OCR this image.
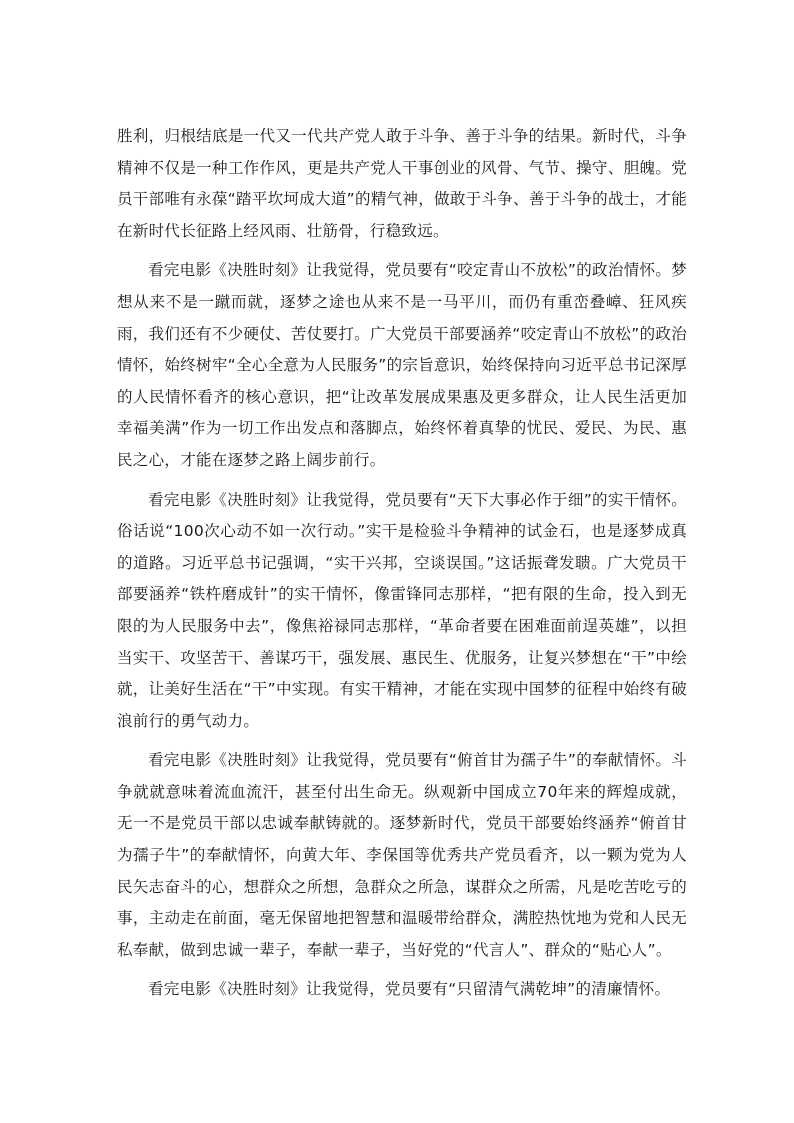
胜利，归根结底是一代又一代共产党人敢于斗争、善于斗争的结果。新时代，斗争精神不仅是一种工作作风，更是共产党人干事创业的风骨、气节、操守、胆魄。党员干部唯有永葆“踏平坎坷成大道”的精气神，做敢于斗争、善于斗争的战士，才能在新时代长征路上经风雨、壮筋骨，行稳致远。

看完电影《决胜时刻》让我觉得，党员要有“咬定青山不放松”的政治情怀。梦想从来不是一蹴而就，逐梦之途也从来不是一马平川，而仍有重峦叠嶂、狂风疾雨，我们还有不少硬仗、苦仗要打。广大党员干部要涵养“咬定青山不放松”的政治情怀，始终树牢“全心全意为人民服务”的宗旨意识，始终保持向习近平总书记深厚的人民情怀看齐的核心意识，把“让改革发展成果惠及更多群众，让人民生活更加幸福美满”作为一切工作出发点和落脚点，始终怀着真挚的忧民、爱民、为民、惠民之心，才能在逐梦之路上阔步前行。

看完电影《决胜时刻》让我觉得，党员要有“天下大事必作于细”的实干情怀。俗话说“100次心动不如一次行动。”实干是检验斗争精神的试金石，也是逐梦成真的道路。习近平总书记强调，“实干兴邦，空谈误国。”这话振聋发聩。广大党员干部要涵养“铁杵磨成针”的实干情怀，像雷锋同志那样，“把有限的生命，投入到无限的为人民服务中去”，像焦裕禄同志那样，“革命者要在困难面前逞英雄”，以担当实干、攻坚苦干、善谋巧干，强发展、惠民生、优服务，让复兴梦想在“干”中绘就，让美好生活在“干”中实现。有实干精神，才能在实现中国梦的征程中始终有破浪前行的勇气动力。

看完电影《决胜时刻》让我觉得，党员要有“俯首甘为孺子牛”的奉献情怀。斗争就就意味着流血流汗，甚至付出生命无。纵观新中国成立70年来的辉煌成就，无一不是党员干部以忠诚奉献铸就的。逐梦新时代，党员干部要始终涵养“俯首甘为孺子牛”的奉献情怀，向黄大年、李保国等优秀共产党员看齐，以一颗为党为人民矢志奋斗的心，想群众之所想，急群众之所急，谋群众之所需，凡是吃苦吃亏的事，主动走在前面，毫无保留地把智慧和温暖带给群众，满腔热忱地为党和人民无私奉献，做到忠诚一辈子，奉献一辈子，当好党的“代言人”、群众的“贴心人”。

看完电影《决胜时刻》让我觉得，党员要有“只留清气满乾坤”的清廉情怀。
